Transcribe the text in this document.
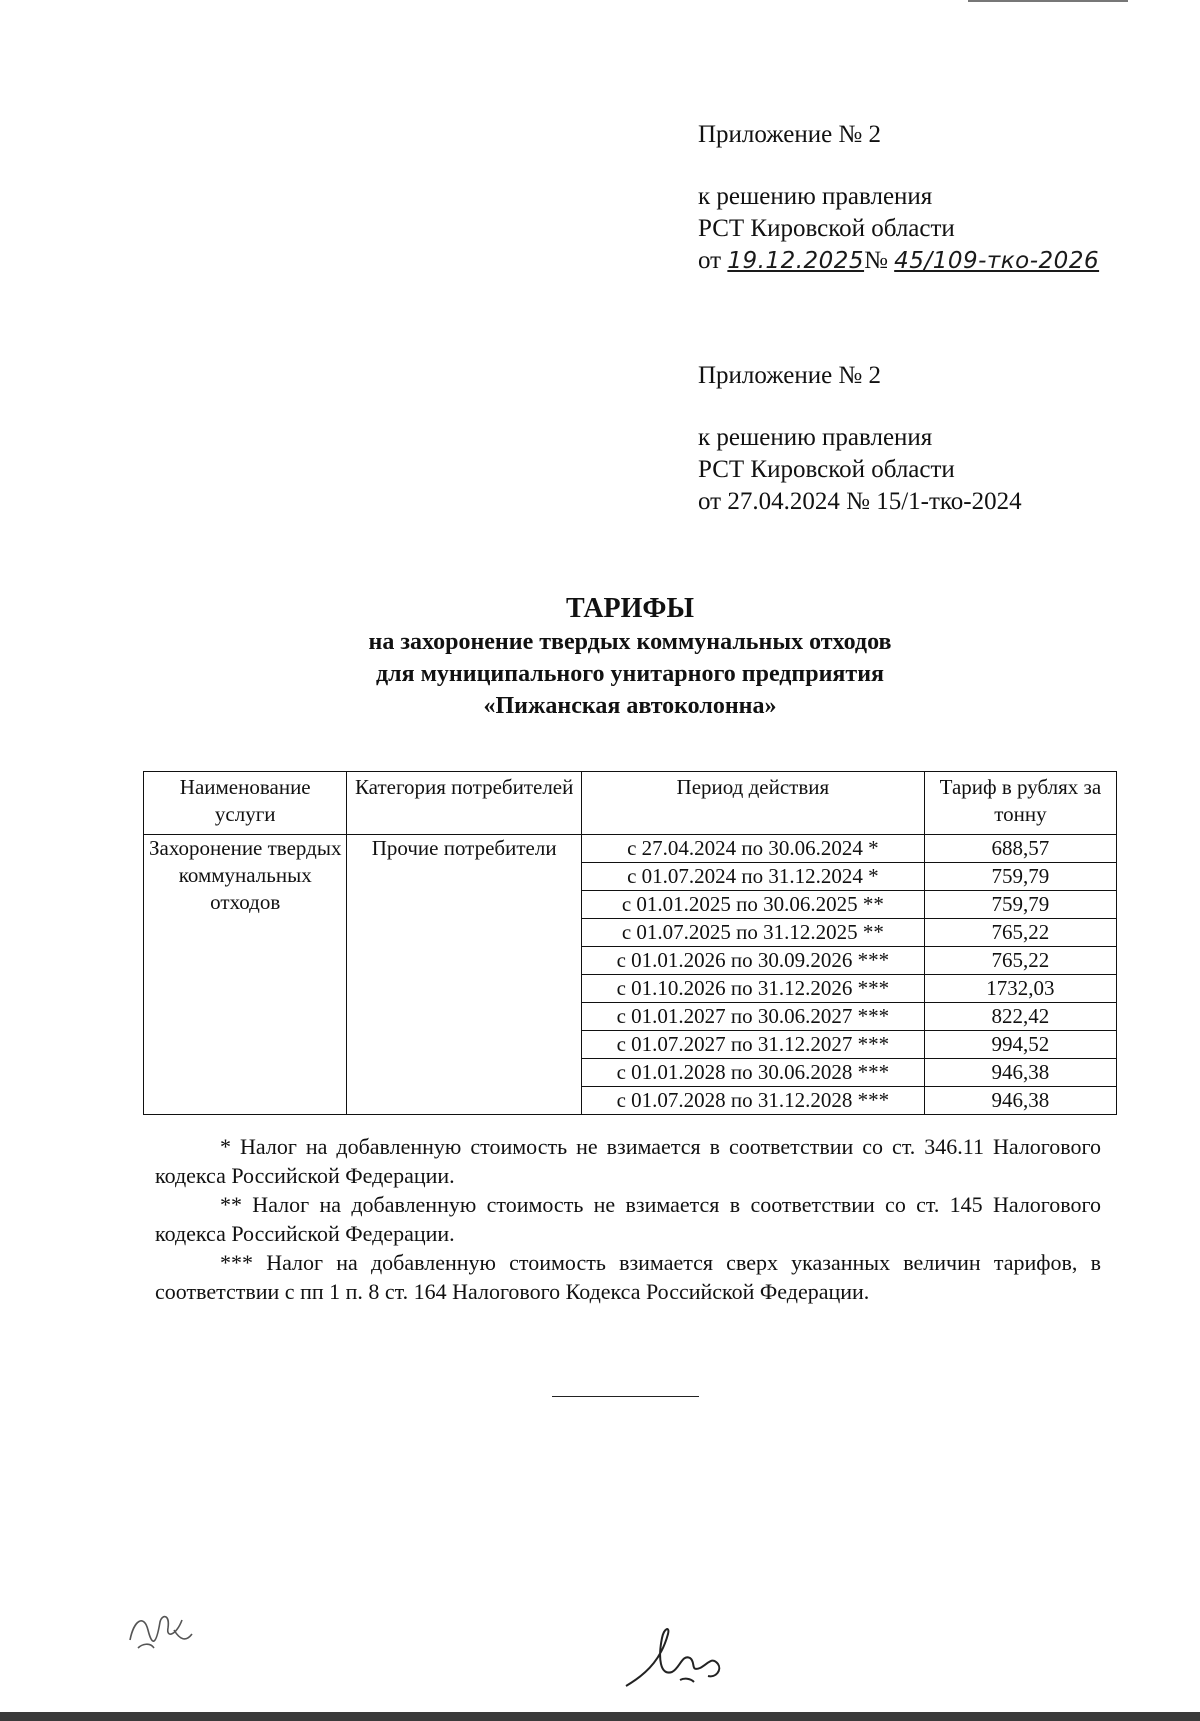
Приложение № 2

к решению правления

РСТ Кировской области

от 19.12.2025№ 45/109-тко-2026

Приложение № 2

к решению правления

РСТ Кировской области

от 27.04.2024 № 15/1-тко-2024

ТАРИФЫ
на захоронение твердых коммунальных отходов
для муниципального унитарного предприятия
«Пижанская автоколонна»
Наименование услуги	Категория потребителей	Период действия	Тариф в рублях за тонну
Захоронение твердых коммунальных отходов	Прочие потребители	с 27.04.2024 по 30.06.2024 *	688,57
		с 01.07.2024 по 31.12.2024 *	759,79
		с 01.01.2025 по 30.06.2025 **	759,79
		с 01.07.2025 по 31.12.2025 **	765,22
		с 01.01.2026 по 30.09.2026 ***	765,22
		с 01.10.2026 по 31.12.2026 ***	1732,03
		с 01.01.2027 по 30.06.2027 ***	822,42
		с 01.07.2027 по 31.12.2027 ***	994,52
		с 01.01.2028 по 30.06.2028 ***	946,38
		с 01.07.2028 по 31.12.2028 ***	946,38

* Налог на добавленную стоимость не взимается в соответствии со ст. 346.11 Налогового кодекса Российской Федерации.

** Налог на добавленную стоимость не взимается в соответствии со ст. 145 Налогового кодекса Российской Федерации.

*** Налог на добавленную стоимость взимается сверх указанных величин тарифов, в соответствии с пп 1 п. 8 ст. 164 Налогового Кодекса Российской Федерации.
